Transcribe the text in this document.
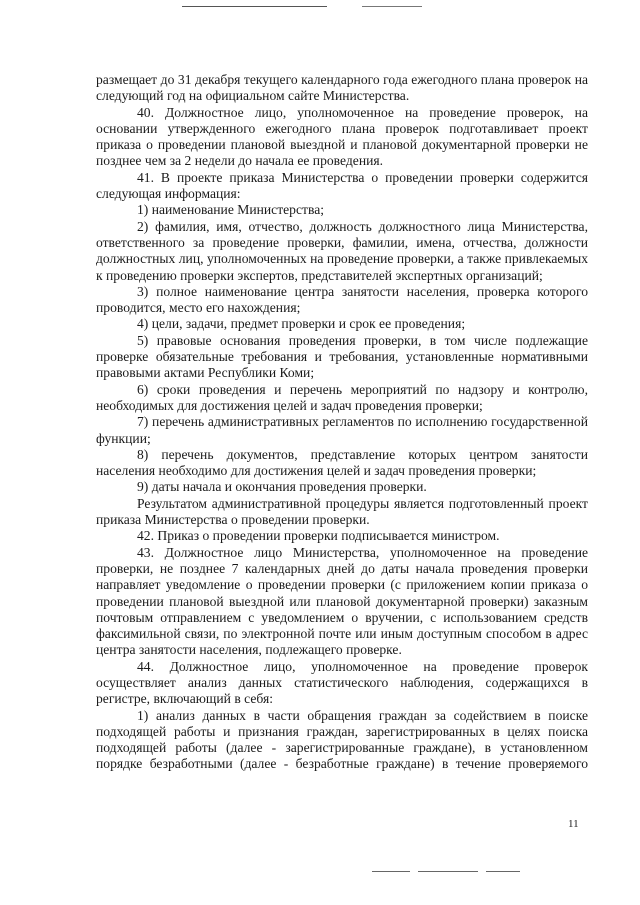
размещает до 31 декабря текущего календарного года ежегодного плана проверок на следующий год на официальном сайте Министерства.

40. Должностное лицо, уполномоченное на проведение проверок, на основании утвержденного ежегодного плана проверок подготавливает проект приказа о проведении плановой выездной и плановой документарной проверки не позднее чем за 2 недели до начала ее проведения.

41. В проекте приказа Министерства о проведении проверки содержится следующая информация:

1) наименование Министерства;

2) фамилия, имя, отчество, должность должностного лица Министерства, ответственного за проведение проверки, фамилии, имена, отчества, должности должностных лиц, уполномоченных на проведение проверки, а также привлекаемых к проведению проверки экспертов, представителей экспертных организаций;

3) полное наименование центра занятости населения, проверка которого проводится, место его нахождения;

4) цели, задачи, предмет проверки и срок ее проведения;

5) правовые основания проведения проверки, в том числе подлежащие проверке обязательные требования и требования, установленные нормативными правовыми актами Республики Коми;

6) сроки проведения и перечень мероприятий по надзору и контролю, необходимых для достижения целей и задач проведения проверки;

7) перечень административных регламентов по исполнению государственной функции;

8) перечень документов, представление которых центром занятости населения необходимо для достижения целей и задач проведения проверки;

9) даты начала и окончания проведения проверки.

Результатом административной процедуры является подготовленный проект приказа Министерства о проведении проверки.

42. Приказ о проведении проверки подписывается министром.

43. Должностное лицо Министерства, уполномоченное на проведение проверки, не позднее 7 календарных дней до даты начала проведения проверки направляет уведомление о проведении проверки (с приложением копии приказа о проведении плановой выездной или плановой документарной проверки) заказным почтовым отправлением с уведомлением о вручении, с использованием средств факсимильной связи, по электронной почте или иным доступным способом в адрес центра занятости населения, подлежащего проверке.

44. Должностное лицо, уполномоченное на проведение проверок осуществляет анализ данных статистического наблюдения, содержащихся в регистре, включающий в себя:

1) анализ данных в части обращения граждан за содействием в поиске подходящей работы и признания граждан, зарегистрированных в целях поиска подходящей работы (далее - зарегистрированные граждане), в установленном порядке безработными (далее - безработные граждане) в течение проверяемого

11
